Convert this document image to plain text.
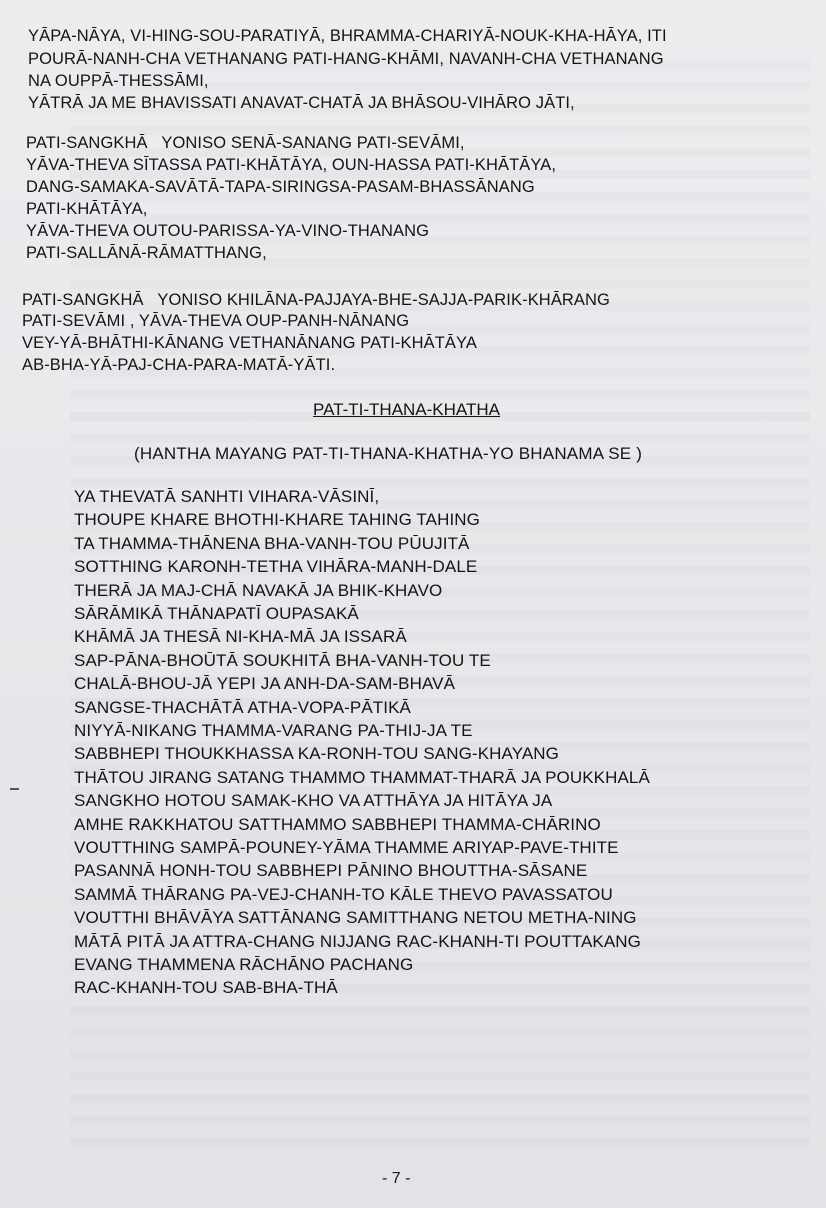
YĀPA-NĀYA, VI-HING-SOU-PARATIYĀ, BHRAMMA-CHARIYĀ-NOUK-KHA-HĀYA, ITI
POURĀ-NANH-CHA VETHANANG PATI-HANG-KHĀMI, NAVANH-CHA VETHANANG
NA OUPPĀ-THESSĀMI,
YĀTRĀ JA ME BHAVISSATI ANAVAT-CHATĀ JA BHĀSOU-VIHĀRO JĀTI,
PATI-SANGKHĀ   YONISO SENĀ-SANANG PATI-SEVĀMI,
YĀVA-THEVA SĪTASSA PATI-KHĀTĀYA, OUN-HASSA PATI-KHĀTĀYA,
DANG-SAMAKA-SAVĀTĀ-TAPA-SIRINGSA-PASAM-BHASSĀNANG
PATI-KHĀTĀYA,
YĀVA-THEVA OUTOU-PARISSA-YA-VINO-THANANG
PATI-SALLĀNĀ-RĀMATTHANG,
PATI-SANGKHĀ   YONISO KHILĀNA-PAJJAYA-BHE-SAJJA-PARIK-KHĀRANG
PATI-SEVĀMI , YĀVA-THEVA OUP-PANH-NĀNANG
VEY-YĀ-BHĀTHI-KĀNANG VETHANĀNANG PATI-KHĀTĀYA
AB-BHA-YĀ-PAJ-CHA-PARA-MATĀ-YĀTI.
PAT-TI-THANA-KHATHA
(HANTHA MAYANG PAT-TI-THANA-KHATHA-YO BHANAMA SE )
YA THEVATĀ SANHTI VIHARA-VĀSINĪ,
THOUPE KHARE BHOTHI-KHARE TAHING TAHING
TA THAMMA-THĀNENA BHA-VANH-TOU PŪUJITĀ
SOTTHING KARONH-TETHA VIHĀRA-MANH-DALE
THERĀ JA MAJ-CHĀ NAVAKĀ JA BHIK-KHAVO
SĀRĀMIKĀ THĀNAPATĪ OUPASAKĀ
KHĀMĀ JA THESĀ NI-KHA-MĀ JA ISSARĀ
SAP-PĀNA-BHOŪTĀ SOUKHITĀ BHA-VANH-TOU TE
CHALĀ-BHOU-JĀ YEPI JA ANH-DA-SAM-BHAVĀ
SANGSE-THACHĀTĀ ATHA-VOPA-PĀTIKĀ
NIYYĀ-NIKANG THAMMA-VARANG PA-THIJ-JA TE
SABBHEPI THOUKKHASSA KA-RONH-TOU SANG-KHAYANG
THĀTOU JIRANG SATANG THAMMO THAMMAT-THARĀ JA POUKKHALĀ
SANGKHO HOTOU SAMAK-KHO VA ATTHĀYA JA HITĀYA JA
AMHE RAKKHATOU SATTHAMMO SABBHEPI THAMMA-CHĀRINO
VOUTTHING SAMPĀ-POUNEY-YĀMA THAMME ARIYAP-PAVE-THITE
PASANNĀ HONH-TOU SABBHEPI PĀNINO BHOUTTHA-SĀSANE
SAMMĀ THĀRANG PA-VEJ-CHANH-TO KĀLE THEVO PAVASSATOU
VOUTTHI BHĀVĀYA SATTĀNANG SAMITTHANG NETOU METHA-NING
MĀTĀ PITĀ JA ATTRA-CHANG NIJJANG RAC-KHANH-TI POUTTAKANG
EVANG THAMMENA RĀCHĀNO PACHANG
RAC-KHANH-TOU SAB-BHA-THĀ
- 7 -
